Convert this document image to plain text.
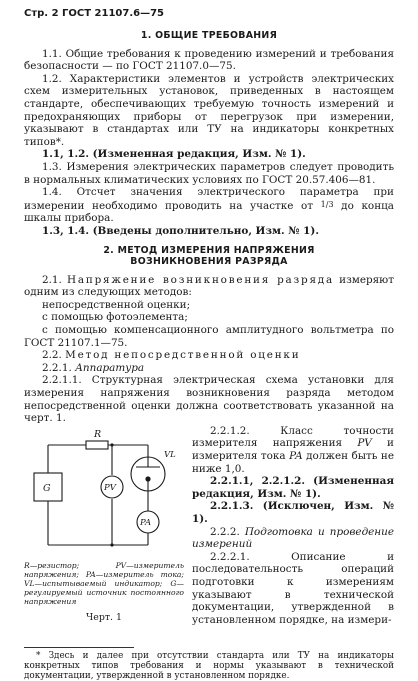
Стр. 2 ГОСТ 21107.6—75
1. ОБЩИЕ ТРЕБОВАНИЯ

1.1. Общие требования к проведению измерений и требования безопасности — по ГОСТ 21107.0—75.

1.2. Характеристики элементов и устройств электрических схем измерительных установок, приведенных в настоящем стандарте, обеспечивающих требуемую точность измерений и предохраняющих приборы от перегрузок при измерении, указывают в стандартах или ТУ на индикаторы конкретных типов*.

1.1, 1.2. (Измененная редакция, Изм. № 1).

1.3. Измерения электрических параметров следует проводить в нормальных климатических условиях по ГОСТ 20.57.406—81.

1.4. Отсчет значения электрического параметра при измерении необходимо проводить на участке от 1/3 до конца шкалы прибора.

1.3, 1.4. (Введены дополнительно, Изм. № 1).

2. МЕТОД ИЗМЕРЕНИЯ НАПРЯЖЕНИЯ
ВОЗНИКНОВЕНИЯ РАЗРЯДА

2.1. Напряжение возникновения разряда измеряют одним из следующих методов:

непосредственной оценки;

с помощью фотоэлемента;

с помощью компенсационного амплитудного вольтметра по ГОСТ 21107.1—75.

2.2. Метод непосредственной оценки

2.2.1. Аппаратура

2.2.1.1. Структурная электрическая схема установки для измерения напряжения возникновения разряда методом непосредственной оценки должна соответствовать указанной на черт. 1.

R
G	PV
VL
PA
R—резистор; PV—измеритель напряжения; PA—измеритель тока; VL—испытываемый индикатор; G—регулируемый источник постоянного напряжения
Черт. 1

2.2.1.2. Класс точности измерителя напряжения PV и измерителя тока PA должен быть не ниже 1,0.

2.2.1.1, 2.2.1.2. (Измененная редакция, Изм. № 1).

2.2.1.3. (Исключен, Изм. № 1).

2.2.2. Подготовка и проведение измерений

2.2.2.1. Описание и последовательность операций подготовки к измерениям указывают в технической документации, утвержденной в установленном порядке, на измери-

* Здесь и далее при отсутствии стандарта или ТУ на индикаторы конкретных типов требования и нормы указывают в технической документации, утвержденной в установленном порядке.
